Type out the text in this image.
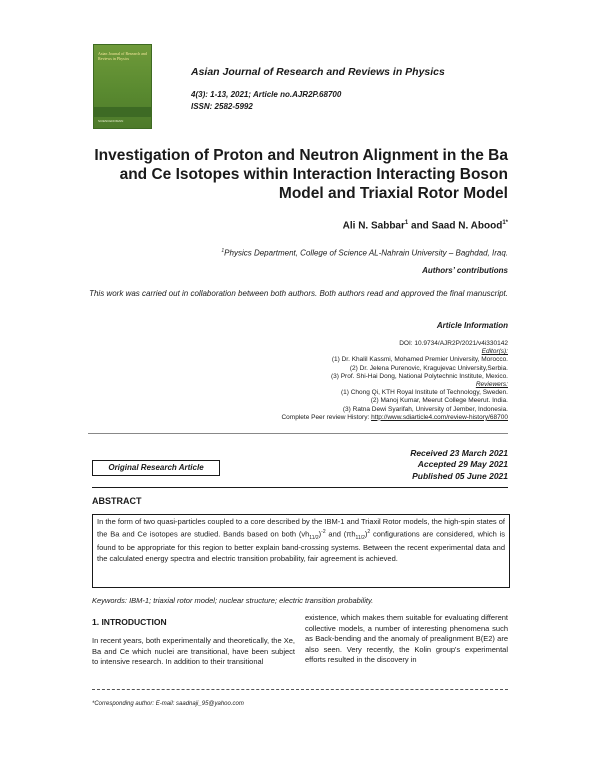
Asian Journal of Research and Reviews in Physics
SCIENCEDOMAIN
Asian Journal of Research and Reviews in Physics
4(3): 1-13, 2021; Article no.AJR2P.68700
ISSN: 2582-5992
Investigation of Proton and Neutron Alignment in the Ba and Ce Isotopes within Interaction Interacting Boson Model and Triaxial Rotor Model
Ali N. Sabbar$^1$ and Saad N. Abood$^{1*}$
$^1$Physics Department, College of Science AL-Nahrain University – Baghdad, Iraq.
Authors’ contributions
This work was carried out in collaboration between both authors. Both authors read and approved the final manuscript.
Article Information
DOI: 10.9734/AJR2P/2021/v4i330142
Editor(s):
(1) Dr. Khalil Kassmi, Mohamed Premier University, Morocco.
(2) Dr. Jelena Purenovic, Kragujevac University,Serbia.
(3) Prof. Shi-Hai Dong, National Polytechnic Institute, Mexico.
Reviewers:
(1) Chong Qi, KTH Royal Institute of Technology, Sweden.
(2) Manoj Kumar, Meerut College Meerut. India.
(3) Ratna Dewi Syarifah, University of Jember, Indonesia.
Complete Peer review History: http://www.sdiarticle4.com/review-history/68700
Original Research Article
Received 23 March 2021
Accepted 29 May 2021
Published 05 June 2021
ABSTRACT
In the form of two quasi-particles coupled to a core described by the IBM-1 and Triaxil Rotor models, the high-spin states of the Ba and Ce isotopes are studied. Bands based on both $(vh_{11/2})^{-2}$ and $(\pi h_{11/2})^2$ configurations are considered, which is found to be appropriate for this region to better explain band-crossing systems. Between the recent experimental data and the calculated energy spectra and electric transition probability, fair agreement is achieved.
Keywords: IBM-1; triaxial rotor model; nuclear structure; electric transition probability.
1. INTRODUCTION
In recent years, both experimentally and theoretically, the Xe, Ba and Ce which nuclei are transitional, have been subject to intensive research. In addition to their transitional
existence, which makes them suitable for evaluating different collective models, a number of interesting phenomena such as Back-bending and the anomaly of prealignment B(E2) are also seen. Very recently, the Kolin group's experimental efforts resulted in the discovery in
*Corresponding author: E-mail: saadnaji_95@yahoo.com
